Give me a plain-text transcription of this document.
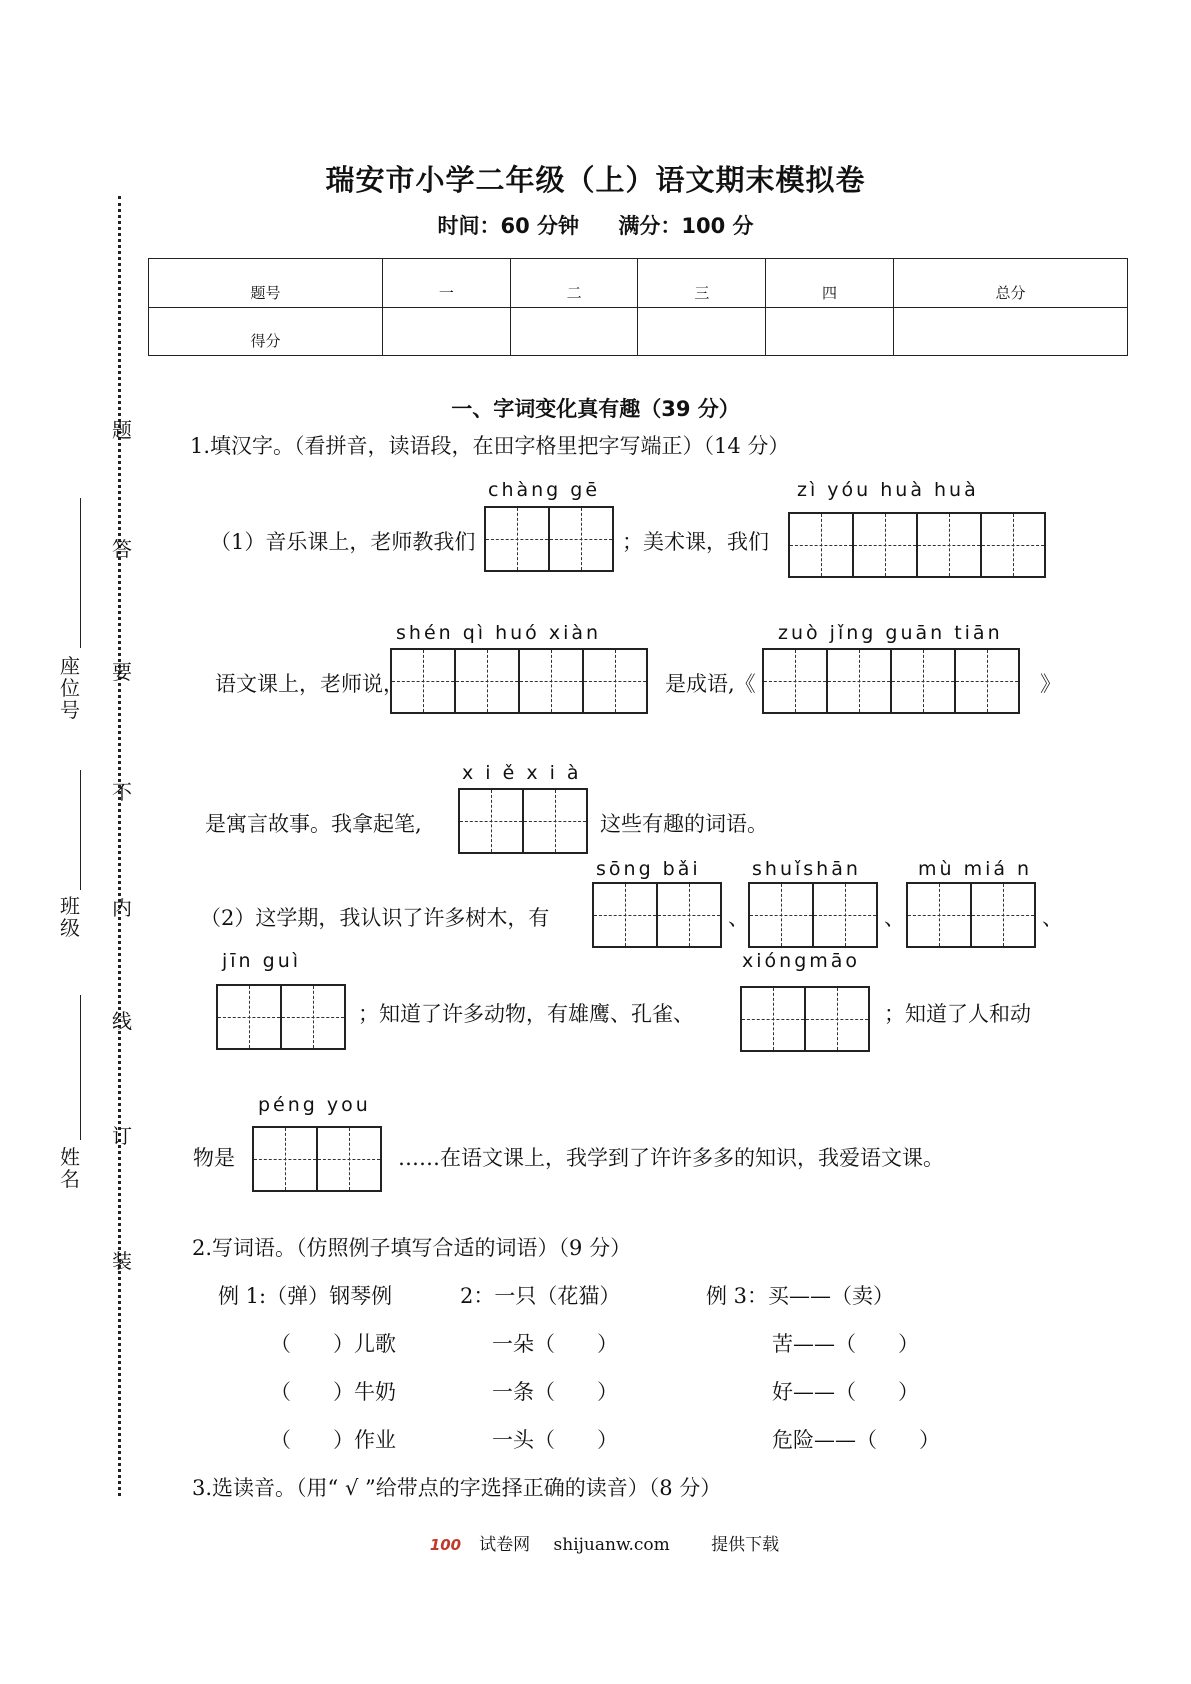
瑞安市小学二年级（上）语文期末模拟卷
时间：60 分钟 满分：100 分
题号	一	二	三	四	总分
得分					
装
订
线
内
不
要
答
题
姓
名
班
级
座
位
号
一、字词变化真有趣（39 分）
1.填汉字。（看拼音，读语段，在田字格里把字写端正）（14 分）
chàng gē	zì yóu huà huà
（1）音乐课上，老师教我们	；美术课，我们
shén qì huó xiàn	zuò jǐng guān tiān
语文课上，老师说，	是成语,《	》
x i ě x i à
是寓言故事。我拿起笔,	这些有趣的词语。
sōng bǎi	shuǐshān	mù miá n
（2）这学期，我认识了许多树木，有	、	、	、
jīn guì	xióngmāo
；知道了许多动物，有雄鹰、孔雀、	；知道了人和动
péng you
物是	……在语文课上，我学到了许许多多的知识，我爱语文课。
2.写词语。（仿照例子填写合适的词语）（9 分）
例 1:（弹）钢琴例	2：一只（花猫）	例 3：买——（卖）
（　　）儿歌	一朵（　　）	苦——（　　）
（　　）牛奶	一条（　　）	好——（　　）
（　　）作业	一头（　　）	危险——（　　）
3.选读音。（用“ √ ”给带点的字选择正确的读音）（8 分）
100 试卷网 shijuanw.com 提供下载
